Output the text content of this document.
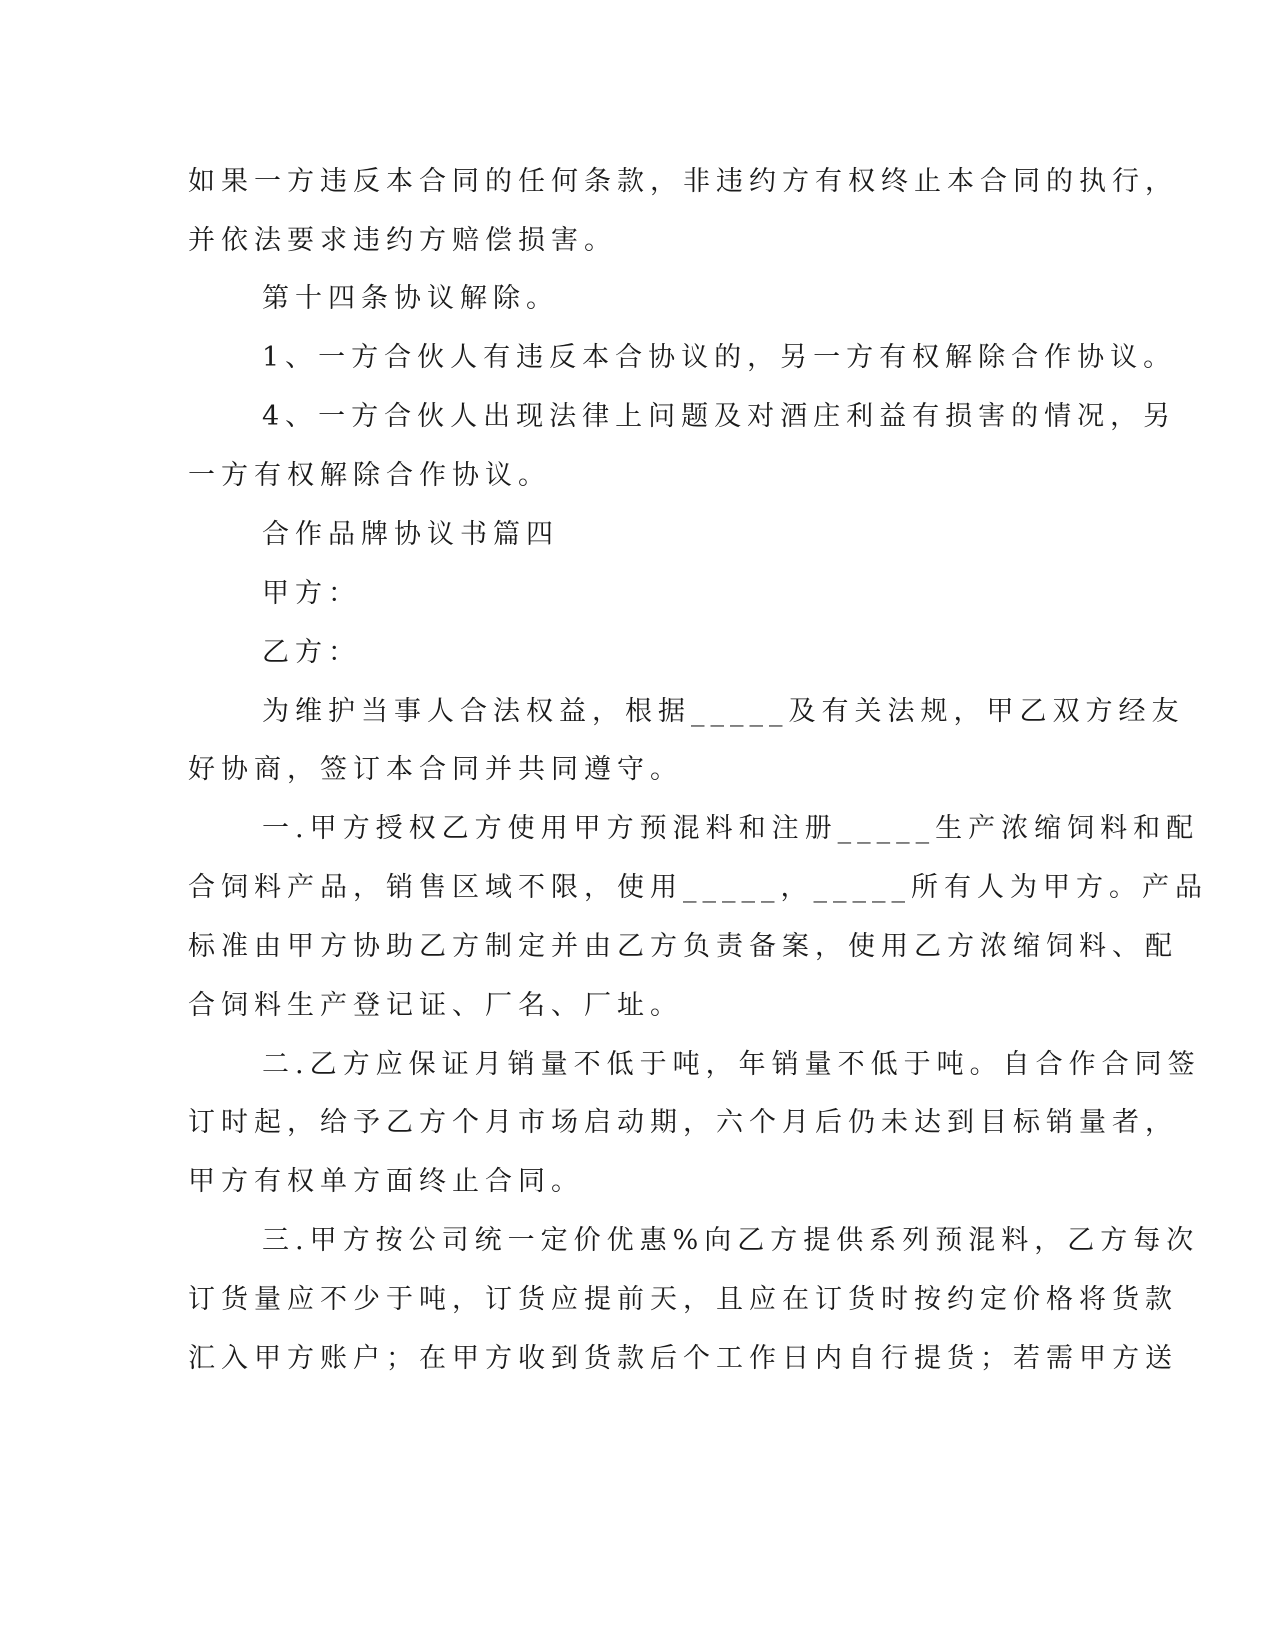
如果一方违反本合同的任何条款，非违约方有权终止本合同的执行，
并依法要求违约方赔偿损害。
第十四条协议解除。
1、一方合伙人有违反本合协议的，另一方有权解除合作协议。
4、一方合伙人出现法律上问题及对酒庄利益有损害的情况，另
一方有权解除合作协议。
合作品牌协议书篇四
甲方：
乙方：
为维护当事人合法权益，根据_____及有关法规，甲乙双方经友
好协商，签订本合同并共同遵守。
一.甲方授权乙方使用甲方预混料和注册_____生产浓缩饲料和配
合饲料产品，销售区域不限，使用_____，_____所有人为甲方。产品
标准由甲方协助乙方制定并由乙方负责备案，使用乙方浓缩饲料、配
合饲料生产登记证、厂名、厂址。
二.乙方应保证月销量不低于吨，年销量不低于吨。自合作合同签
订时起，给予乙方个月市场启动期，六个月后仍未达到目标销量者，
甲方有权单方面终止合同。
三.甲方按公司统一定价优惠%向乙方提供系列预混料，乙方每次
订货量应不少于吨，订货应提前天，且应在订货时按约定价格将货款
汇入甲方账户；在甲方收到货款后个工作日内自行提货；若需甲方送
